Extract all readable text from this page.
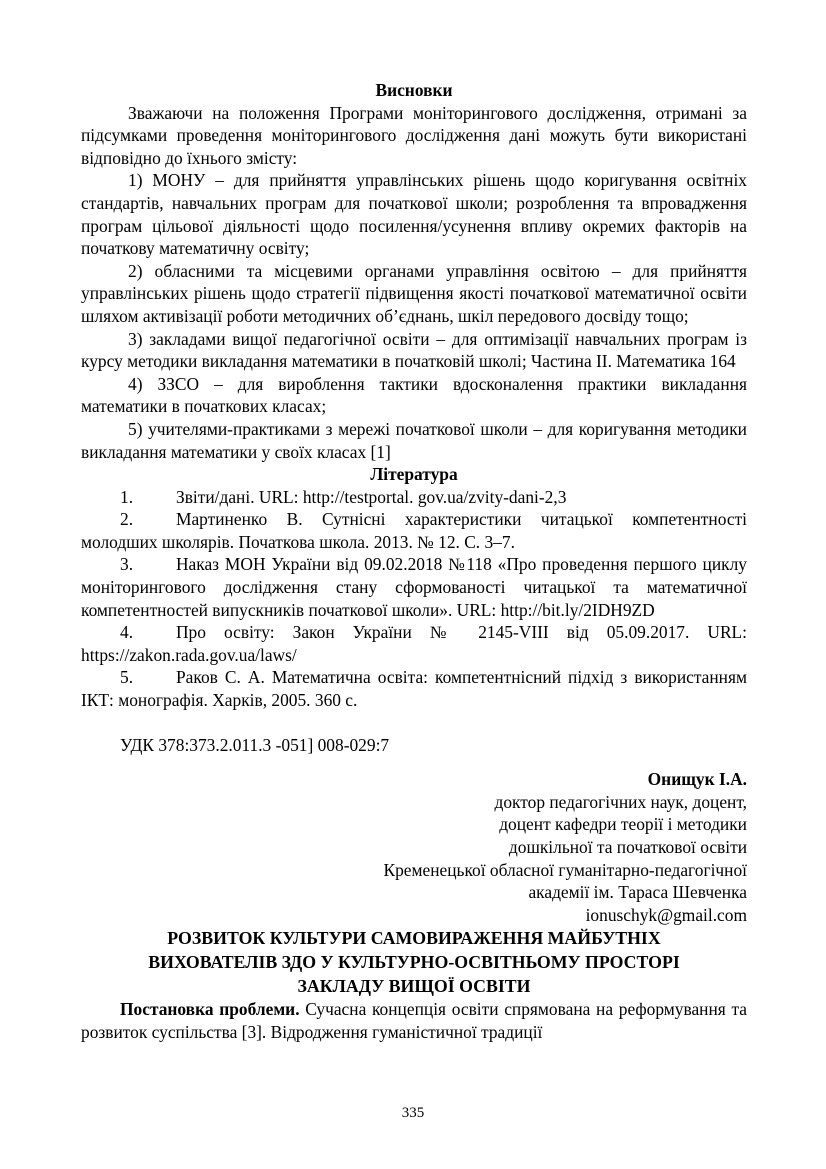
Висновки

Зважаючи на положення Програми моніторингового дослідження, отримані за підсумками проведення моніторингового дослідження дані можуть бути використані відповідно до їхнього змісту:

1) МОНУ – для прийняття управлінських рішень щодо коригування освітніх стандартів, навчальних програм для початкової школи; розроблення та впровадження програм цільової діяльності щодо посилення/усунення впливу окремих факторів на початкову математичну освіту;

2) обласними та місцевими органами управління освітою – для прийняття управлінських рішень щодо стратегії підвищення якості початкової математичної освіти шляхом активізації роботи методичних об’єднань, шкіл передового досвіду тощо;

3) закладами вищої педагогічної освіти – для оптимізації навчальних програм із курсу методики викладання математики в початковій школі; Частина ІІ. Математика 164

4) ЗЗСО – для вироблення тактики вдосконалення практики викладання математики в початкових класах;

5) учителями-практиками з мережі початкової школи – для коригування методики викладання математики у своїх класах [1]

Література

1. Звіти/дані. URL: http://testportal. gov.ua/zvity-dani-2,3

2. Мартиненко В. Сутнісні характеристики читацької компетентності молодших школярів. Початкова школа. 2013. № 12. С. 3–7.

3. Наказ МОН України від 09.02.2018 №118 «Про проведення першого циклу моніторингового дослідження стану сформованості читацької та математичної компетентностей випускників початкової школи». URL: http://bit.ly/2IDH9ZD

4. Про освіту: Закон України № 2145-VIII від 05.09.2017. URL: https://zakon.rada.gov.ua/laws/

5. Раков С. А. Математична освіта: компетентнісний підхід з використанням ІКТ: монографія. Харків, 2005. 360 с.

УДК 378:373.2.011.3 -051] 008-029:7

Онищук І.А.

доктор педагогічних наук, доцент,

доцент кафедри теорії і методики

дошкільної та початкової освіти

Кременецької обласної гуманітарно-педагогічної

академії ім. Тараса Шевченка

ionuschyk@gmail.com

РОЗВИТОК КУЛЬТУРИ САМОВИРАЖЕННЯ МАЙБУТНІХ

ВИХОВАТЕЛІВ ЗДО У КУЛЬТУРНО-ОСВІТНЬОМУ ПРОСТОРІ

ЗАКЛАДУ ВИЩОЇ ОСВІТИ

Постановка проблеми. Сучасна концепція освіти спрямована на реформування та розвиток суспільства [3]. Відродження гуманістичної традиції

335
